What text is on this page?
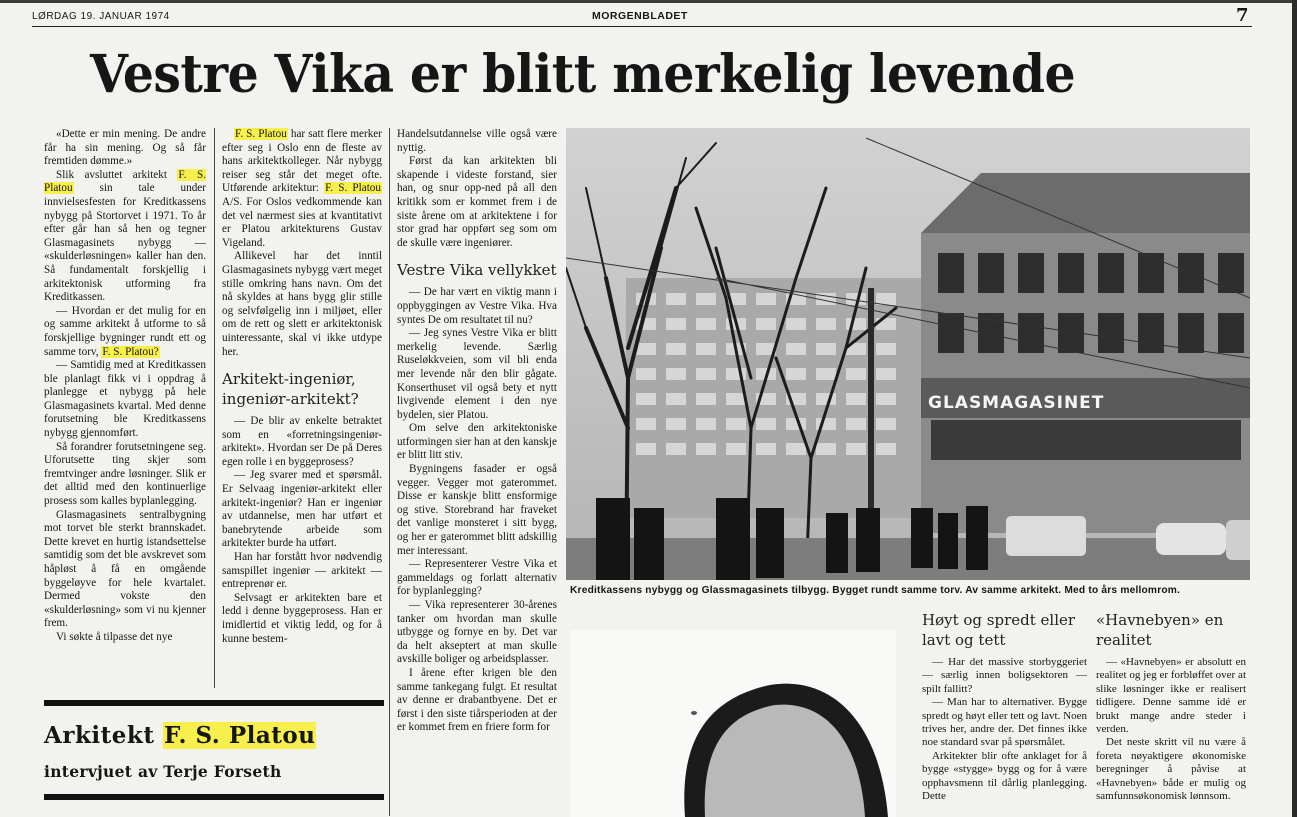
LØRDAG 19. JANUAR 1974	MORGENBLADET	7
Vestre Vika er blitt merkelig levende

«Dette er min mening. De andre får ha sin mening. Og så får fremtiden dømme.»

Slik avsluttet arkitekt F. S. Platou sin tale under innvielsesfesten for Kreditkassens nybygg på Stortorvet i 1971. To år efter går han så hen og tegner Glasmagasinets nybygg — «skulderløsningen» kaller han den. Så fundamentalt forskjellig i arkitektonisk utforming fra Kreditkassen.

— Hvordan er det mulig for en og samme arkitekt å utforme to så forskjellige bygninger rundt ett og samme torv, F. S. Platou?

— Samtidig med at Kreditkassen ble planlagt fikk vi i oppdrag å planlegge et nybygg på hele Glasmagasinets kvartal. Med denne forutsetning ble Kreditkassens nybygg gjennomført.

Så forandrer forutsetningene seg. Uforutsette ting skjer som fremtvinger andre løsninger. Slik er det alltid med den kontinuerlige prosess som kalles byplanlegging.

Glasmagasinets sentralbygning mot torvet ble sterkt brannskadet. Dette krevet en hurtig istandsettelse samtidig som det ble avskrevet som håpløst å få en omgående byggeløyve for hele kvartalet. Dermed vokste den «skulderløsning» som vi nu kjenner frem.

Vi søkte å tilpasse det nye

F. S. Platou har satt flere merker efter seg i Oslo enn de fleste av hans arkitektkolleger. Når nybygg reiser seg står det meget ofte. Utførende arkitektur: F. S. Platou A/S. For Oslos vedkommende kan det vel nærmest sies at kvantitativt er Platou arkitekturens Gustav Vigeland.

Allikevel har det inntil Glasmagasinets nybygg vært meget stille omkring hans navn. Om det nå skyldes at hans bygg glir stille og selvfølgelig inn i miljøet, eller om de rett og slett er arkitektonisk uinteressante, skal vi ikke utdype her.

Arkitekt-ingeniør, ingeniør-arkitekt?

— De blir av enkelte betraktet som en «forretningsingeniør-arkitekt». Hvordan ser De på Deres egen rolle i en byggeprosess?

— Jeg svarer med et spørsmål. Er Selvaag ingeniør-arkitekt eller arkitekt-ingeniør? Han er ingeniør av utdannelse, men har utført et banebrytende arbeide som arkitekter burde ha utført.

Han har forstått hvor nødvendig samspillet ingeniør — arkitekt — entreprenør er.

Selvsagt er arkitekten bare et ledd i denne byggeprosess. Han er imidlertid et viktig ledd, og for å kunne bestem-

Handelsutdannelse ville også være nyttig.

Først da kan arkitekten bli skapende i videste forstand, sier han, og snur opp-ned på all den kritikk som er kommet frem i de siste årene om at arkitektene i for stor grad har oppført seg som om de skulle være ingeniører.

Vestre Vika vellykket

— De har vært en viktig mann i oppbyggingen av Vestre Vika. Hva syntes De om resultatet til nu?

— Jeg synes Vestre Vika er blitt merkelig levende. Særlig Ruseløkkveien, som vil bli enda mer levende når den blir gågate. Konserthuset vil også bety et nytt livgivende element i den nye bydelen, sier Platou.

Om selve den arkitektoniske utformingen sier han at den kanskje er blitt litt stiv.

Bygningens fasader er også vegger. Vegger mot gaterommet. Disse er kanskje blitt ensformige og stive. Storebrand har fraveket det vanlige monsteret i sitt bygg, og her er gaterommet blitt adskillig mer interessant.

— Representerer Vestre Vika et gammeldags og forlatt alternativ for byplanlegging?

— Vika representerer 30-årenes tanker om hvordan man skulle utbygge og fornye en by. Det var da helt akseptert at man skulle avskille boliger og arbeidsplasser.

I årene efter krigen ble den samme tankegang fulgt. Et resultat av denne er drabantbyene. Det er først i den siste tiårsperioden at der er kommet frem en friere form for

Arkitekt F. S. Platou
intervjuet av Terje Forseth
GLASMAGASINET
Kreditkassens nybygg og Glassmagasinets tilbygg. Bygget rundt samme torv. Av samme arkitekt. Med to års mellomrom.
Høyt og spredt eller lavt og tett

— Har det massive storbyggeriet — særlig innen boligsektoren — spilt fallitt?

— Man har to alternativer. Bygge spredt og høyt eller tett og lavt. Noen trives her, andre der. Det finnes ikke noe standard svar på spørsmålet.

Arkitekter blir ofte anklaget for å bygge «stygge» bygg og for å være opphavsmenn til dårlig planlegging. Dette

«Havnebyen» en realitet

— «Havnebyen» er absolutt en realitet og jeg er forbløffet over at slike løsninger ikke er realisert tidligere. Denne samme idé er brukt mange andre steder i verden.

Det neste skritt vil nu være å foreta nøyaktigere økonomiske beregninger å påvise at «Havnebyen» både er mulig og samfunnsøkonomisk lønnsom.
